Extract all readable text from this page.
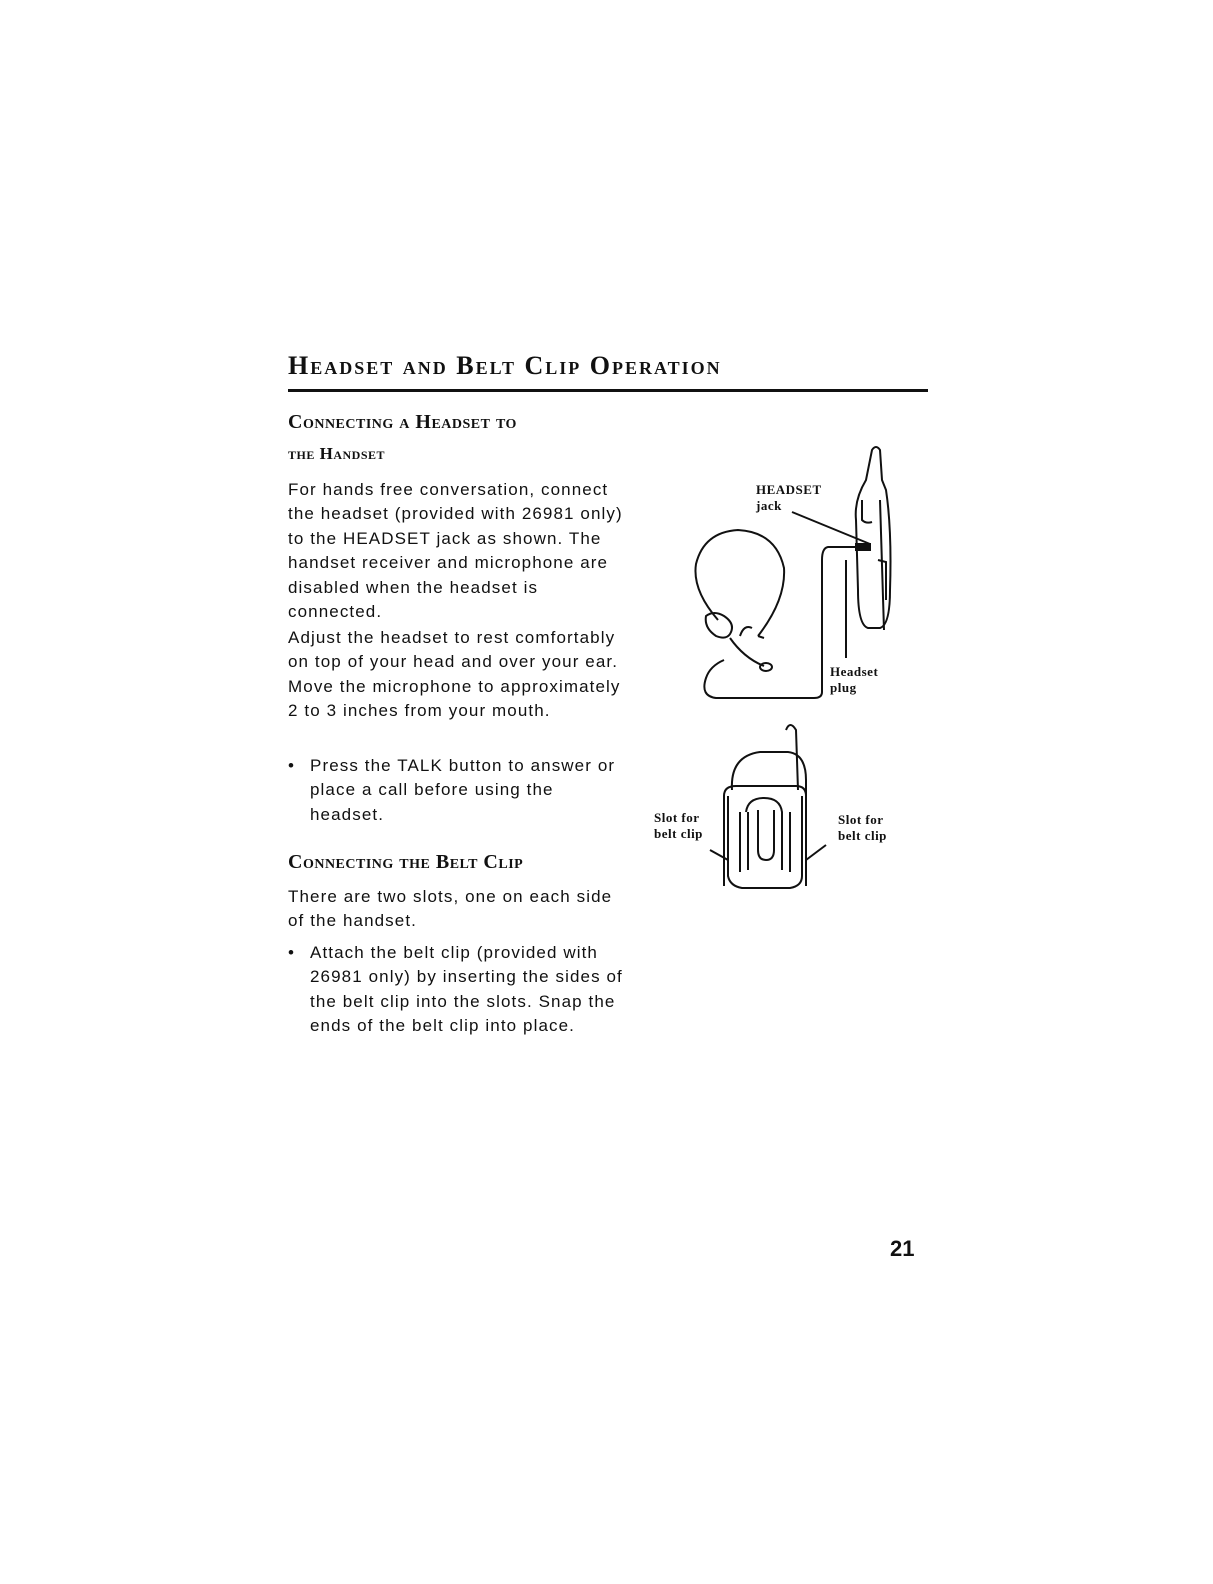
Headset and Belt Clip Operation
Connecting a Headset to
the Handset

For hands free conversation, connect the headset (provided with 26981 only) to the HEADSET jack as shown. The handset receiver and microphone are disabled when the headset is connected.

Adjust the headset to rest comfortably on top of your head and over your ear. Move the microphone to approximately 2 to 3 inches from your mouth.

• Press the TALK button to answer or place a call before using the headset.
Connecting the Belt Clip

There are two slots, one on each side of the handset.

• Attach the belt clip (provided with 26981 only) by inserting the sides of the belt clip into the slots. Snap the ends of the belt clip into place.
HEADSET
jack
Headset
plug
Slot for
belt clip
Slot for
belt clip
21
